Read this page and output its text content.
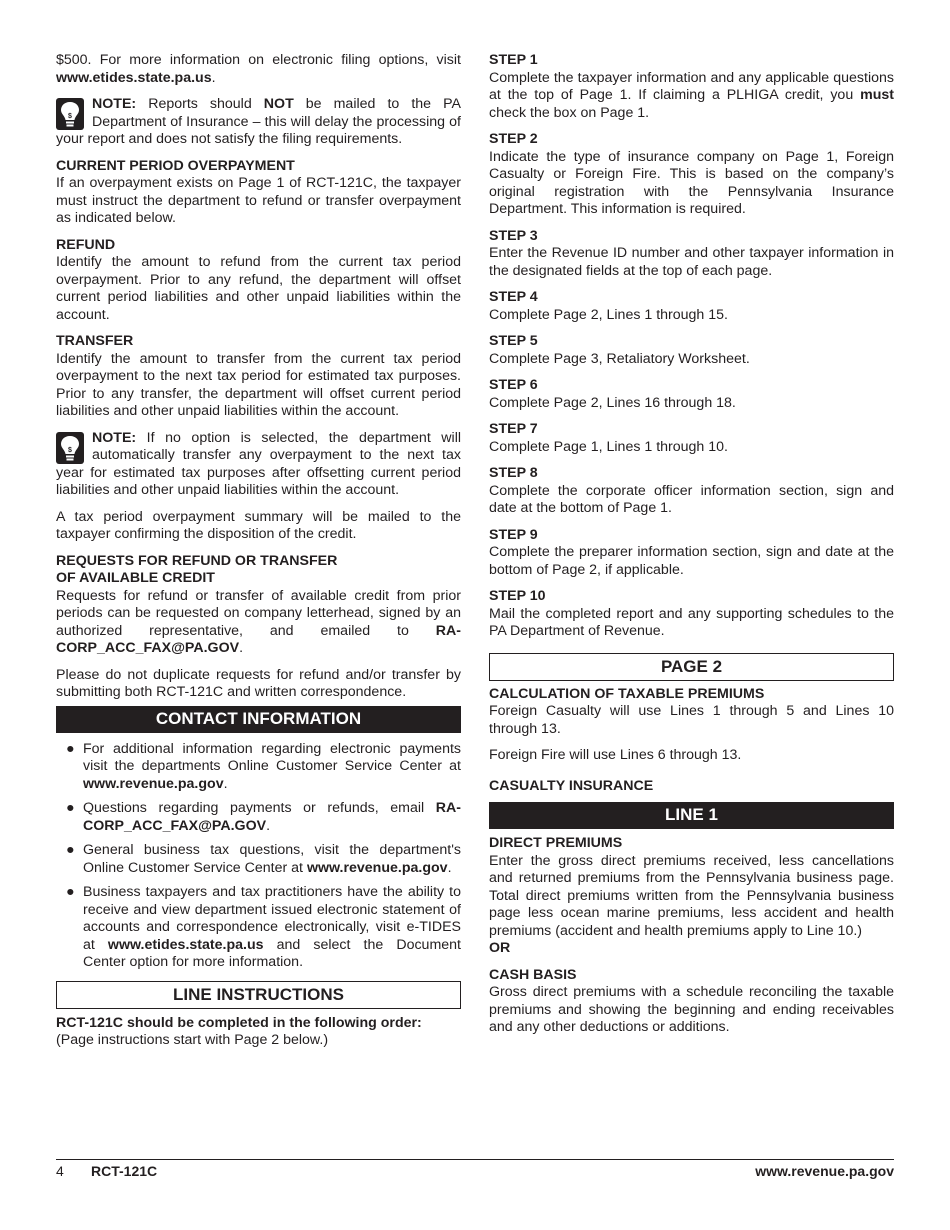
$500. For more information on electronic filing options, visit www.etides.state.pa.us.

$
NOTE: Reports should NOT be mailed to the PA Department of Insurance – this will delay the processing of your report and does not satisfy the filing requirements.

CURRENT PERIOD OVERPAYMENT

If an overpayment exists on Page 1 of RCT-121C, the taxpayer must instruct the department to refund or transfer overpayment as indicated below.

REFUND

Identify the amount to refund from the current tax period overpayment. Prior to any refund, the department will offset current period liabilities and other unpaid liabilities within the account.

TRANSFER

Identify the amount to transfer from the current tax period overpayment to the next tax period for estimated tax purposes. Prior to any transfer, the department will offset current period liabilities and other unpaid liabilities within the account.

$
NOTE: If no option is selected, the department will automatically transfer any overpayment to the next tax year for estimated tax purposes after offsetting current period liabilities and other unpaid liabilities within the account.

A tax period overpayment summary will be mailed to the taxpayer confirming the disposition of the credit.

REQUESTS FOR REFUND OR TRANSFER
OF AVAILABLE CREDIT

Requests for refund or transfer of available credit from prior periods can be requested on company letterhead, signed by an authorized representative, and emailed to RA-CORP_ACC_FAX@PA.GOV.

Please do not duplicate requests for refund and/or transfer by submitting both RCT-121C and written correspondence.

CONTACT INFORMATION
● For additional information regarding electronic payments visit the departments Online Customer Service Center at www.revenue.pa.gov.
● Questions regarding payments or refunds, email RA-CORP_ACC_FAX@PA.GOV.
● General business tax questions, visit the department's Online Customer Service Center at www.revenue.pa.gov.
● Business taxpayers and tax practitioners have the ability to receive and view department issued electronic statement of accounts and correspondence electronically, visit e-TIDES at www.etides.state.pa.us and select the Document Center option for more information.
LINE INSTRUCTIONS

RCT-121C should be completed in the following order:

(Page instructions start with Page 2 below.)

STEP 1

Complete the taxpayer information and any applicable questions at the top of Page 1. If claiming a PLHIGA credit, you must check the box on Page 1.

STEP 2

Indicate the type of insurance company on Page 1, Foreign Casualty or Foreign Fire. This is based on the company’s original registration with the Pennsylvania Insurance Department. This information is required.

STEP 3

Enter the Revenue ID number and other taxpayer information in the designated fields at the top of each page.

STEP 4

Complete Page 2, Lines 1 through 15.

STEP 5

Complete Page 3, Retaliatory Worksheet.

STEP 6

Complete Page 2, Lines 16 through 18.

STEP 7

Complete Page 1, Lines 1 through 10.

STEP 8

Complete the corporate officer information section, sign and date at the bottom of Page 1.

STEP 9

Complete the preparer information section, sign and date at the bottom of Page 2, if applicable.

STEP 10

Mail the completed report and any supporting schedules to the PA Department of Revenue.

PAGE 2

CALCULATION OF TAXABLE PREMIUMS

Foreign Casualty will use Lines 1 through 5 and Lines 10 through 13.

Foreign Fire will use Lines 6 through 13.

CASUALTY INSURANCE

LINE 1

DIRECT PREMIUMS

Enter the gross direct premiums received, less cancellations and returned premiums from the Pennsylvania business page. Total direct premiums written from the Pennsylvania business page less ocean marine premiums, less accident and health premiums (accident and health premiums apply to Line 10.)

OR

CASH BASIS

Gross direct premiums with a schedule reconciling the taxable premiums and showing the beginning and ending receivables and any other deductions or additions.

4 RCT-121C	www.revenue.pa.gov
